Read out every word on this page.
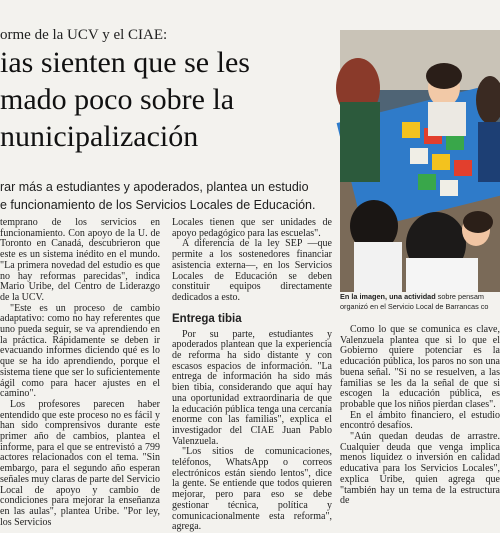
orme de la UCV y el CIAE:
ias sienten que se les
mado poco sobre la
nunicipalización
rar más a estudiantes y apoderados, plantea un estudio
e funcionamiento de los Servicios Locales de Educación.

temprano de los servicios en funcionamiento. Con apoyo de la U. de Toronto en Canadá, descubrieron que este es un sistema inédito en el mundo. "La primera novedad del estudio es que no hay reformas parecidas", indica Mario Uribe, del Centro de Liderazgo de la UCV.

"Este es un proceso de cambio adaptativo: como no hay referentes que uno pueda seguir, se va aprendiendo en la práctica. Rápidamente se deben ir evacuando informes diciendo qué es lo que se ha ido aprendiendo, porque el sistema tiene que ser lo suficientemente ágil como para hacer ajustes en el camino".

Los profesores parecen haber entendido que este proceso no es fácil y han sido comprensivos durante este primer año de cambios, plantea el informe, para el que se entrevistó a 799 actores relacionados con el tema. "Sin embargo, para el segundo año esperan señales muy claras de parte del Servicio Local de apoyo y cambio de condiciones para mejorar la enseñanza en las aulas", plantea Uribe. "Por ley, los Servicios

Locales tienen que ser unidades de apoyo pedagógico para las escuelas".

A diferencia de la ley SEP —que permite a los sostenedores financiar asistencia externa—, en los Servicios Locales de Educación se deben constituir equipos directamente dedicados a esto.

Entrega tibia

Por su parte, estudiantes y apoderados plantean que la experiencia de reforma ha sido distante y con escasos espacios de información. "La entrega de información ha sido más bien tibia, considerando que aquí hay una oportunidad extraordinaria de que la educación pública tenga una cercanía enorme con las familias", explica el investigador del CIAE Juan Pablo Valenzuela.

"Los sitios de comunicaciones, teléfonos, WhatsApp o correos electrónicos están siendo lentos", dice la gente. Se entiende que todos quieren mejorar, pero para eso se debe gestionar técnica, política y comunicacionalmente esta reforma", agrega.

En la imagen, una actividad sobre pensam
organizó en el Servicio Local de Barrancas co

Como lo que se comunica es clave, Valenzuela plantea que si lo que el Gobierno quiere potenciar es la educación pública, los paros no son una buena señal. "Si no se resuelven, a las familias se les da la señal de que si escogen la educación pública, es probable que los niños pierdan clases".

En el ámbito financiero, el estudio encontró desafíos.

"Aún quedan deudas de arrastre. Cualquier deuda que venga implica menos liquidez o inversión en calidad educativa para los Servicios Locales", explica Uribe, quien agrega que "también hay un tema de la estructura de
